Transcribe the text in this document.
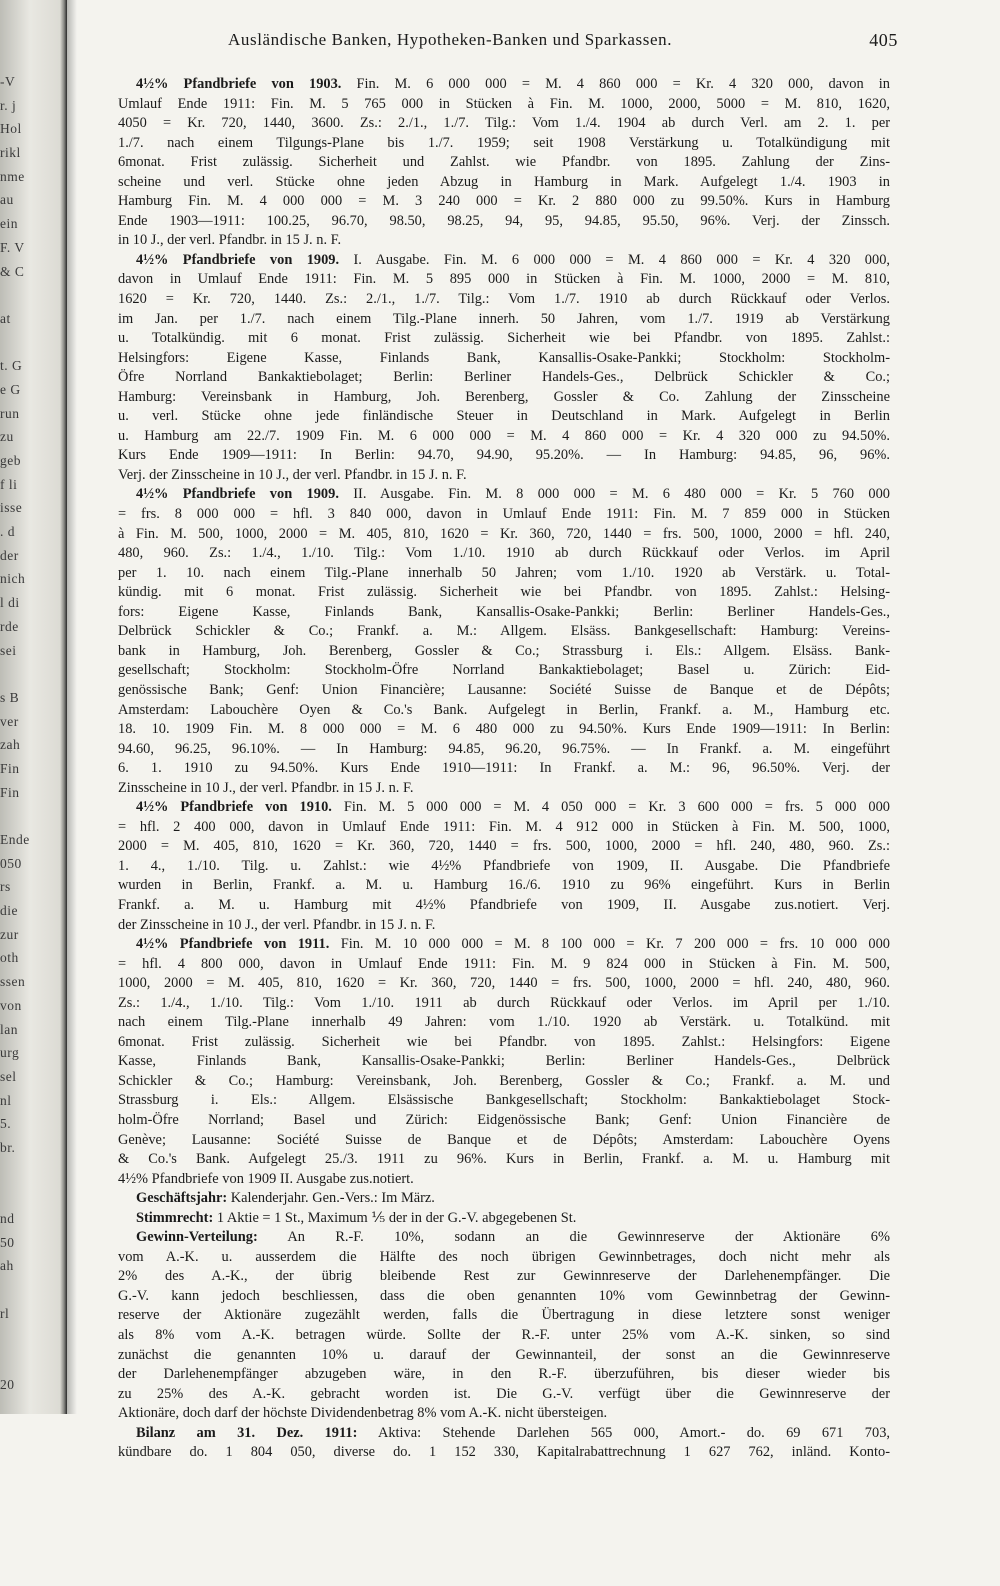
-V
r. j
Hol
rikl
nme
au
ein
F. V
& C
at
t. G
e G
run
zu
geb
f li
isse
. d
der
nich
l di
rde
sei
s B
ver
zah
Fin
Fin
Ende
050
rs
die
zur
oth
ssen
von
lan
urg
sel
nl
5.
br.
nd
50
ah
rl
20
Ausländische Banken, Hypotheken-Banken und Sparkassen.	405
4½% Pfandbriefe von 1903. Fin. M. 6 000 000 = M. 4 860 000 = Kr. 4 320 000, davon in
Umlauf Ende 1911: Fin. M. 5 765 000 in Stücken à Fin. M. 1000, 2000, 5000 = M. 810, 1620,
4050 = Kr. 720, 1440, 3600. Zs.: 2./1., 1./7. Tilg.: Vom 1./4. 1904 ab durch Verl. am 2. 1. per
1./7. nach einem Tilgungs-Plane bis 1./7. 1959; seit 1908 Verstärkung u. Totalkündigung mit
6monat. Frist zulässig. Sicherheit und Zahlst. wie Pfandbr. von 1895. Zahlung der Zins-
scheine und verl. Stücke ohne jeden Abzug in Hamburg in Mark. Aufgelegt 1./4. 1903 in
Hamburg Fin. M. 4 000 000 = M. 3 240 000 = Kr. 2 880 000 zu 99.50%. Kurs in Hamburg
Ende 1903—1911: 100.25, 96.70, 98.50, 98.25, 94, 95, 94.85, 95.50, 96%. Verj. der Zinssch.
in 10 J., der verl. Pfandbr. in 15 J. n. F.
4½% Pfandbriefe von 1909. I. Ausgabe. Fin. M. 6 000 000 = M. 4 860 000 = Kr. 4 320 000,
davon in Umlauf Ende 1911: Fin. M. 5 895 000 in Stücken à Fin. M. 1000, 2000 = M. 810,
1620 = Kr. 720, 1440. Zs.: 2./1., 1./7. Tilg.: Vom 1./7. 1910 ab durch Rückkauf oder Verlos.
im Jan. per 1./7. nach einem Tilg.-Plane innerh. 50 Jahren, vom 1./7. 1919 ab Verstärkung
u. Totalkündig. mit 6 monat. Frist zulässig. Sicherheit wie bei Pfandbr. von 1895. Zahlst.:
Helsingfors: Eigene Kasse, Finlands Bank, Kansallis-Osake-Pankki; Stockholm: Stockholm-
Öfre Norrland Bankaktiebolaget; Berlin: Berliner Handels-Ges., Delbrück Schickler & Co.;
Hamburg: Vereinsbank in Hamburg, Joh. Berenberg, Gossler & Co. Zahlung der Zinsscheine
u. verl. Stücke ohne jede finländische Steuer in Deutschland in Mark. Aufgelegt in Berlin
u. Hamburg am 22./7. 1909 Fin. M. 6 000 000 = M. 4 860 000 = Kr. 4 320 000 zu 94.50%.
Kurs Ende 1909—1911: In Berlin: 94.70, 94.90, 95.20%. — In Hamburg: 94.85, 96, 96%.
Verj. der Zinsscheine in 10 J., der verl. Pfandbr. in 15 J. n. F.
4½% Pfandbriefe von 1909. II. Ausgabe. Fin. M. 8 000 000 = M. 6 480 000 = Kr. 5 760 000
= frs. 8 000 000 = hfl. 3 840 000, davon in Umlauf Ende 1911: Fin. M. 7 859 000 in Stücken
à Fin. M. 500, 1000, 2000 = M. 405, 810, 1620 = Kr. 360, 720, 1440 = frs. 500, 1000, 2000 = hfl. 240,
480, 960. Zs.: 1./4., 1./10. Tilg.: Vom 1./10. 1910 ab durch Rückkauf oder Verlos. im April
per 1. 10. nach einem Tilg.-Plane innerhalb 50 Jahren; vom 1./10. 1920 ab Verstärk. u. Total-
kündig. mit 6 monat. Frist zulässig. Sicherheit wie bei Pfandbr. von 1895. Zahlst.: Helsing-
fors: Eigene Kasse, Finlands Bank, Kansallis-Osake-Pankki; Berlin: Berliner Handels-Ges.,
Delbrück Schickler & Co.; Frankf. a. M.: Allgem. Elsäss. Bankgesellschaft: Hamburg: Vereins-
bank in Hamburg, Joh. Berenberg, Gossler & Co.; Strassburg i. Els.: Allgem. Elsäss. Bank-
gesellschaft; Stockholm: Stockholm-Öfre Norrland Bankaktiebolaget; Basel u. Zürich: Eid-
genössische Bank; Genf: Union Financière; Lausanne: Société Suisse de Banque et de Dépôts;
Amsterdam: Labouchère Oyen & Co.'s Bank. Aufgelegt in Berlin, Frankf. a. M., Hamburg etc.
18. 10. 1909 Fin. M. 8 000 000 = M. 6 480 000 zu 94.50%. Kurs Ende 1909—1911: In Berlin:
94.60, 96.25, 96.10%. — In Hamburg: 94.85, 96.20, 96.75%. — In Frankf. a. M. eingeführt
6. 1. 1910 zu 94.50%. Kurs Ende 1910—1911: In Frankf. a. M.: 96, 96.50%. Verj. der
Zinsscheine in 10 J., der verl. Pfandbr. in 15 J. n. F.
4½% Pfandbriefe von 1910. Fin. M. 5 000 000 = M. 4 050 000 = Kr. 3 600 000 = frs. 5 000 000
= hfl. 2 400 000, davon in Umlauf Ende 1911: Fin. M. 4 912 000 in Stücken à Fin. M. 500, 1000,
2000 = M. 405, 810, 1620 = Kr. 360, 720, 1440 = frs. 500, 1000, 2000 = hfl. 240, 480, 960. Zs.:
1. 4., 1./10. Tilg. u. Zahlst.: wie 4½% Pfandbriefe von 1909, II. Ausgabe. Die Pfandbriefe
wurden in Berlin, Frankf. a. M. u. Hamburg 16./6. 1910 zu 96% eingeführt. Kurs in Berlin
Frankf. a. M. u. Hamburg mit 4½% Pfandbriefe von 1909, II. Ausgabe zus.notiert. Verj.
der Zinsscheine in 10 J., der verl. Pfandbr. in 15 J. n. F.
4½% Pfandbriefe von 1911. Fin. M. 10 000 000 = M. 8 100 000 = Kr. 7 200 000 = frs. 10 000 000
= hfl. 4 800 000, davon in Umlauf Ende 1911: Fin. M. 9 824 000 in Stücken à Fin. M. 500,
1000, 2000 = M. 405, 810, 1620 = Kr. 360, 720, 1440 = frs. 500, 1000, 2000 = hfl. 240, 480, 960.
Zs.: 1./4., 1./10. Tilg.: Vom 1./10. 1911 ab durch Rückkauf oder Verlos. im April per 1./10.
nach einem Tilg.-Plane innerhalb 49 Jahren: vom 1./10. 1920 ab Verstärk. u. Totalkünd. mit
6monat. Frist zulässig. Sicherheit wie bei Pfandbr. von 1895. Zahlst.: Helsingfors: Eigene
Kasse, Finlands Bank, Kansallis-Osake-Pankki; Berlin: Berliner Handels-Ges., Delbrück
Schickler & Co.; Hamburg: Vereinsbank, Joh. Berenberg, Gossler & Co.; Frankf. a. M. und
Strassburg i. Els.: Allgem. Elsässische Bankgesellschaft; Stockholm: Bankaktiebolaget Stock-
holm-Öfre Norrland; Basel und Zürich: Eidgenössische Bank; Genf: Union Financière de
Genève; Lausanne: Société Suisse de Banque et de Dépôts; Amsterdam: Labouchère Oyens
& Co.'s Bank. Aufgelegt 25./3. 1911 zu 96%. Kurs in Berlin, Frankf. a. M. u. Hamburg mit
4½% Pfandbriefe von 1909 II. Ausgabe zus.notiert.
Geschäftsjahr: Kalenderjahr. Gen.-Vers.: Im März.
Stimmrecht: 1 Aktie = 1 St., Maximum ⅕ der in der G.-V. abgegebenen St.
Gewinn-Verteilung: An R.-F. 10%, sodann an die Gewinnreserve der Aktionäre 6%
vom A.-K. u. ausserdem die Hälfte des noch übrigen Gewinnbetrages, doch nicht mehr als
2% des A.-K., der übrig bleibende Rest zur Gewinnreserve der Darlehenempfänger. Die
G.-V. kann jedoch beschliessen, dass die oben genannten 10% vom Gewinnbetrag der Gewinn-
reserve der Aktionäre zugezählt werden, falls die Übertragung in diese letztere sonst weniger
als 8% vom A.-K. betragen würde. Sollte der R.-F. unter 25% vom A.-K. sinken, so sind
zunächst die genannten 10% u. darauf der Gewinnanteil, der sonst an die Gewinnreserve
der Darlehenempfänger abzugeben wäre, in den R.-F. überzuführen, bis dieser wieder bis
zu 25% des A.-K. gebracht worden ist. Die G.-V. verfügt über die Gewinnreserve der
Aktionäre, doch darf der höchste Dividendenbetrag 8% vom A.-K. nicht übersteigen.
Bilanz am 31. Dez. 1911: Aktiva: Stehende Darlehen 565 000, Amort.- do. 69 671 703,
kündbare do. 1 804 050, diverse do. 1 152 330, Kapitalrabattrechnung 1 627 762, inländ. Konto-
